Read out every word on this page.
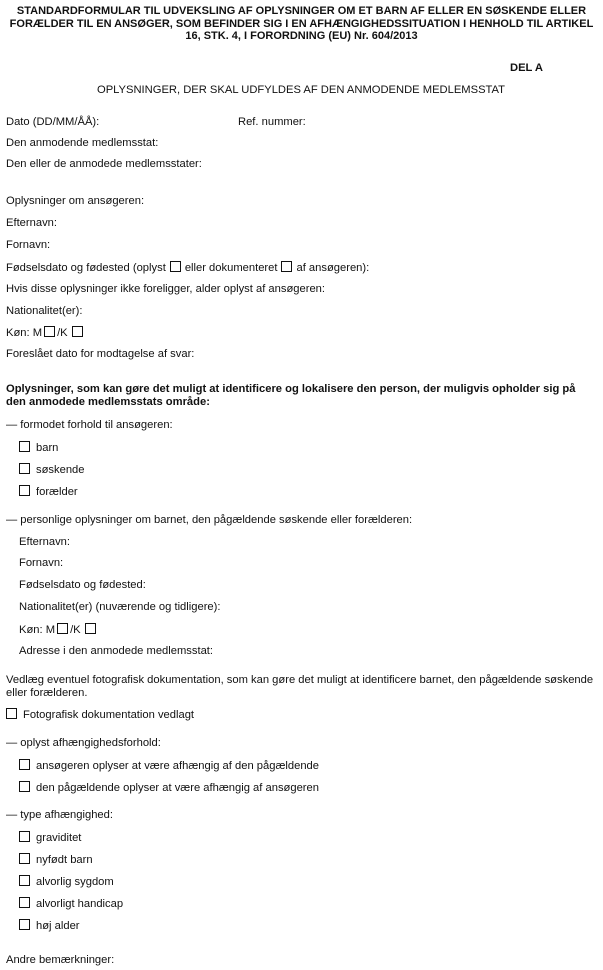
STANDARDFORMULAR TIL UDVEKSLING AF OPLYSNINGER OM ET BARN AF ELLER EN SØSKENDE ELLER FORÆLDER TIL EN ANSØGER, SOM BEFINDER SIG I EN AFHÆNGIGHEDSSITUATION I HENHOLD TIL ARTIKEL 16, STK. 4, I FORORDNING (EU) Nr. 604/2013
DEL A
OPLYSNINGER, DER SKAL UDFYLDES AF DEN ANMODENDE MEDLEMSSTAT
Dato (DD/MM/ÅÅ):	Ref. nummer:
Den anmodende medlemsstat:
Den eller de anmodede medlemsstater:
Oplysninger om ansøgeren:
Efternavn:
Fornavn:
Fødselsdato og fødested (oplyst eller dokumenteret af ansøgeren):
Hvis disse oplysninger ikke foreligger, alder oplyst af ansøgeren:
Nationalitet(er):
Køn: M /K
Foreslået dato for modtagelse af svar:
Oplysninger, som kan gøre det muligt at identificere og lokalisere den person, der muligvis opholder sig på den anmodede medlemsstats område:
— formodet forhold til ansøgeren:
barn
søskende
forælder
— personlige oplysninger om barnet, den pågældende søskende eller forælderen:
Efternavn:
Fornavn:
Fødselsdato og fødested:
Nationalitet(er) (nuværende og tidligere):
Køn: M /K
Adresse i den anmodede medlemsstat:
Vedlæg eventuel fotografisk dokumentation, som kan gøre det muligt at identificere barnet, den pågældende søskende eller forælderen.
Fotografisk dokumentation vedlagt
— oplyst afhængighedsforhold:
ansøgeren oplyser at være afhængig af den pågældende
den pågældende oplyser at være afhængig af ansøgeren
— type afhængighed:
graviditet
nyfødt barn
alvorlig sygdom
alvorligt handicap
høj alder
Andre bemærkninger:
